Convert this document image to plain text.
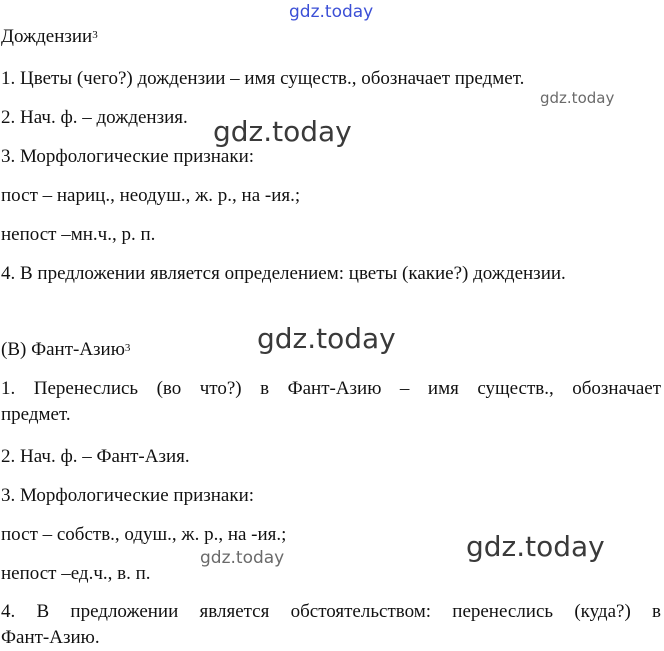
gdz.today
gdz.today
gdz.today
gdz.today
gdz.today
gdz.today
Дождензии$^3$
1. Цветы (чего?) дождензии – имя существ., обозначает предмет.
2. Нач. ф. – дождензия.
3. Морфологические признаки:
пост – нариц., неодуш., ж. р., на -ия.;
непост –мн.ч., р. п.
4. В предложении является определением: цветы (какие?) дождензии.
(В) Фант-Азию$^3$
1. Перенеслись (во что?) в Фант-Азию – имя существ., обозначает
предмет.
2. Нач. ф. – Фант-Азия.
3. Морфологические признаки:
пост – собств., одуш., ж. р., на -ия.;
непост –ед.ч., в. п.
4. В предложении является обстоятельством: перенеслись (куда?) в
Фант-Азию.
